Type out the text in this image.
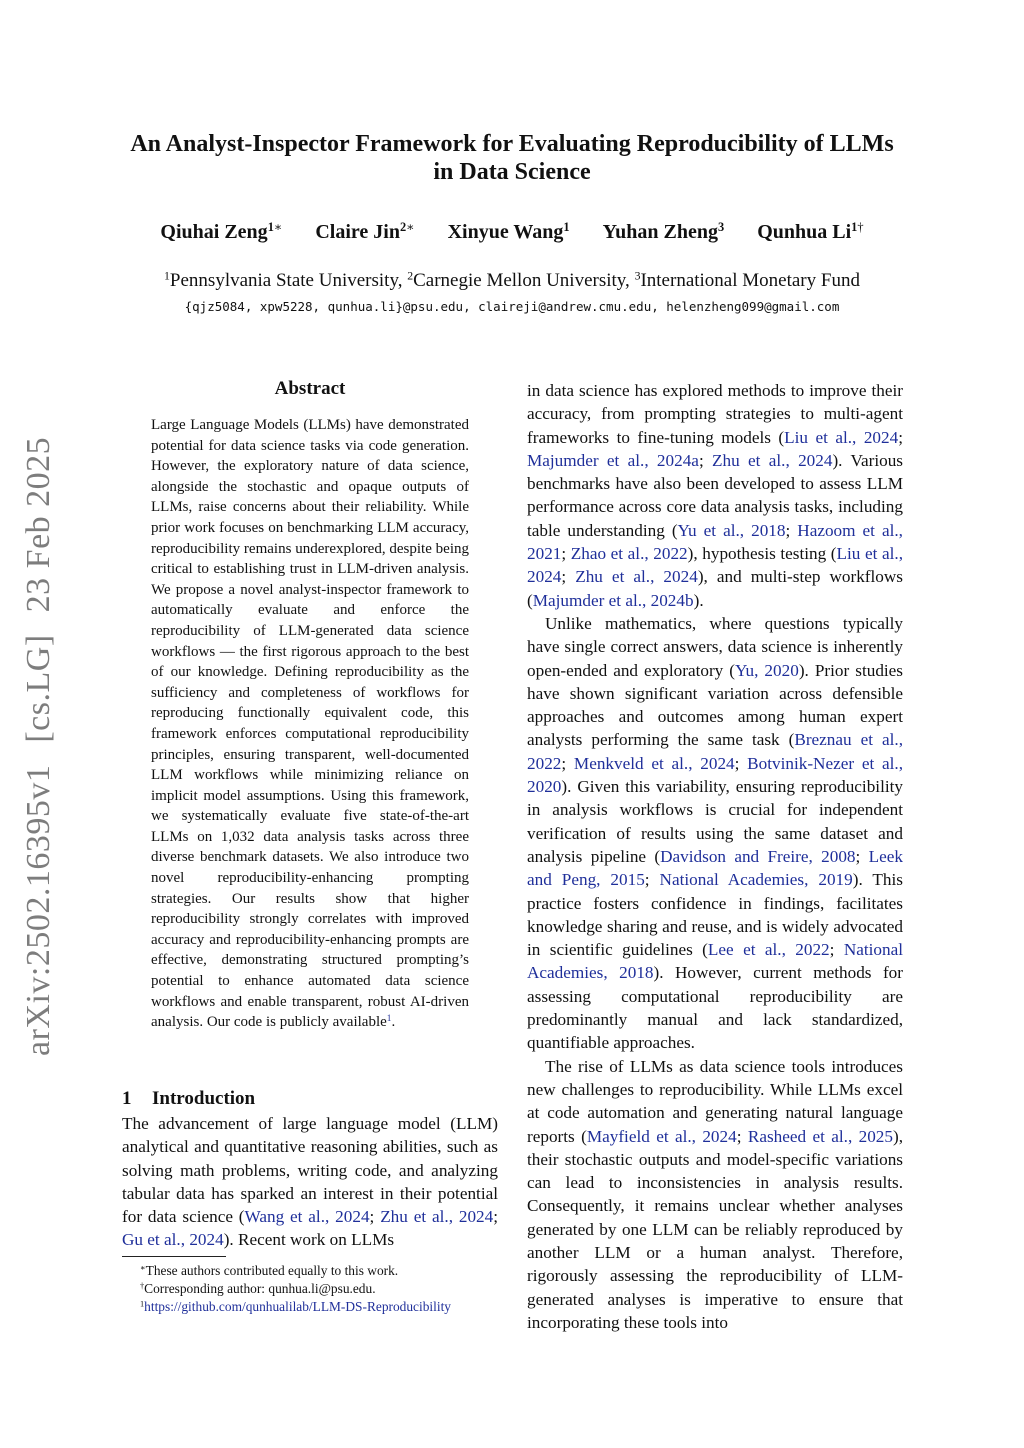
arXiv:2502.16395v1[cs.LG]23 Feb 2025
An Analyst-Inspector Framework for Evaluating Reproducibility of LLMs
in Data Science
Qiuhai Zeng$^{1∗}$ Claire Jin$^{2∗}$ Xinyue Wang$^1$ Yuhan Zheng$^3$ Qunhua $Li^{1\dagger}$
$^1$Pennsylvania State University, $^2$Carnegie Mellon University, $^3$International Monetary Fund
{qjz5084, xpw5228, qunhua.li}@psu.edu, claireji@andrew.cmu.edu, helenzheng099@gmail.com
Abstract

Large Language Models (LLMs) have demonstrated potential for data science tasks via code generation. However, the exploratory nature of data science, alongside the stochastic and opaque outputs of LLMs, raise concerns about their reliability. While prior work focuses on benchmarking LLM accuracy, reproducibility remains underexplored, despite being critical to establishing trust in LLM-driven analysis. We propose a novel analyst-inspector framework to automatically evaluate and enforce the reproducibility of LLM-generated data science workflows — the first rigorous approach to the best of our knowledge. Defining reproducibility as the sufficiency and completeness of workflows for reproducing functionally equivalent code, this framework enforces computational reproducibility principles, ensuring transparent, well-documented LLM workflows while minimizing reliance on implicit model assumptions. Using this framework, we systematically evaluate five state-of-the-art LLMs on 1,032 data analysis tasks across three diverse benchmark datasets. We also introduce two novel reproducibility-enhancing prompting strategies. Our results show that higher reproducibility strongly correlates with improved accuracy and reproducibility-enhancing prompts are effective, demonstrating structured prompting’s potential to enhance automated data science workflows and enable transparent, robust AI-driven analysis. Our code is publicly available$^1$.

1 Introduction
The advancement of large language model (LLM) analytical and quantitative reasoning abilities, such as solving math problems, writing code, and analyzing tabular data has sparked an interest in their potential for data science (Wang et al., 2024; Zhu et al., 2024; Gu et al., 2024). Recent work on LLMs

in data science has explored methods to improve their accuracy, from prompting strategies to multi-agent frameworks to fine-tuning models (Liu et al., 2024; Majumder et al., 2024a; Zhu et al., 2024). Various benchmarks have also been developed to assess LLM performance across core data analysis tasks, including table understanding (Yu et al., 2018; Hazoom et al., 2021; Zhao et al., 2022), hypothesis testing (Liu et al., 2024; Zhu et al., 2024), and multi-step workflows (Majumder et al., 2024b).

Unlike mathematics, where questions typically have single correct answers, data science is inherently open-ended and exploratory (Yu, 2020). Prior studies have shown significant variation across defensible approaches and outcomes among human expert analysts performing the same task (Breznau et al., 2022; Menkveld et al., 2024; Botvinik-Nezer et al., 2020). Given this variability, ensuring reproducibility in analysis workflows is crucial for independent verification of results using the same dataset and analysis pipeline (Davidson and Freire, 2008; Leek and Peng, 2015; National Academies, 2019). This practice fosters confidence in findings, facilitates knowledge sharing and reuse, and is widely advocated in scientific guidelines (Lee et al., 2022; National Academies, 2018). However, current methods for assessing computational reproducibility are predominantly manual and lack standardized, quantifiable approaches.

The rise of LLMs as data science tools introduces new challenges to reproducibility. While LLMs excel at code automation and generating natural language reports (Mayfield et al., 2024; Rasheed et al., 2025), their stochastic outputs and model-specific variations can lead to inconsistencies in analysis results. Consequently, it remains unclear whether analyses generated by one LLM can be reliably reproduced by another LLM or a human analyst. Therefore, rigorously assessing the reproducibility of LLM-generated analyses is imperative to ensure that incorporating these tools into

∗These authors contributed equally to this work.
†Corresponding author: qunhua.li@psu.edu.
$^1$https://github.com/qunhualilab/LLM-DS-Reproducibility
